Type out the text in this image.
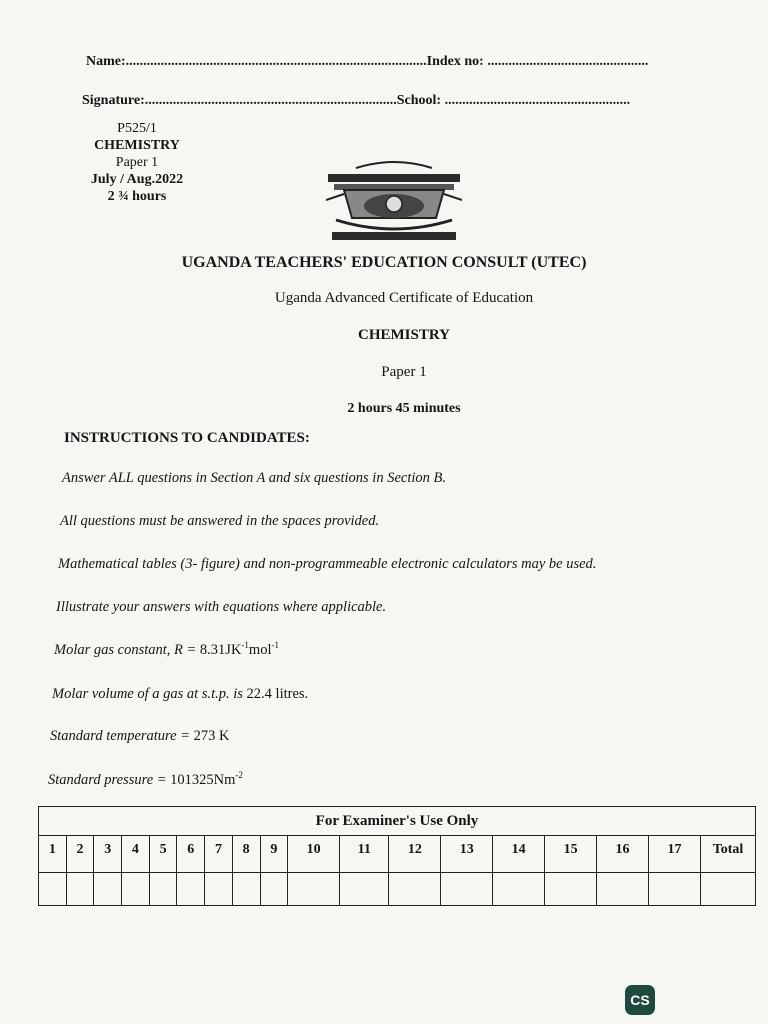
Name:......................................................................................Index no: ..............................................
Signature:........................................................................School: .....................................................
P525/1
CHEMISTRY
Paper 1
July / Aug.2022
2 ¾ hours
UGANDA TEACHERS' EDUCATION CONSULT (UTEC)
Uganda Advanced Certificate of Education
CHEMISTRY
Paper 1
2 hours 45 minutes
INSTRUCTIONS TO CANDIDATES:
Answer ALL questions in Section A and six questions in Section B.
All questions must be answered in the spaces provided.
Mathematical tables (3- figure) and non-programmeable electronic calculators may be used.
Illustrate your answers with equations where applicable.
Molar gas constant, $R = 8.31JK^{-1}mol^{-1}$
Molar volume of a gas at s.t.p. is 22.4 litres.
Standard temperature = 273 K
Standard pressure = $101325Nm^{-2}$
For Examiner's Use Only																	
1	2	3	4	5	6	7	8	9	10	11	12	13	14	15	16	17	Total

CS
